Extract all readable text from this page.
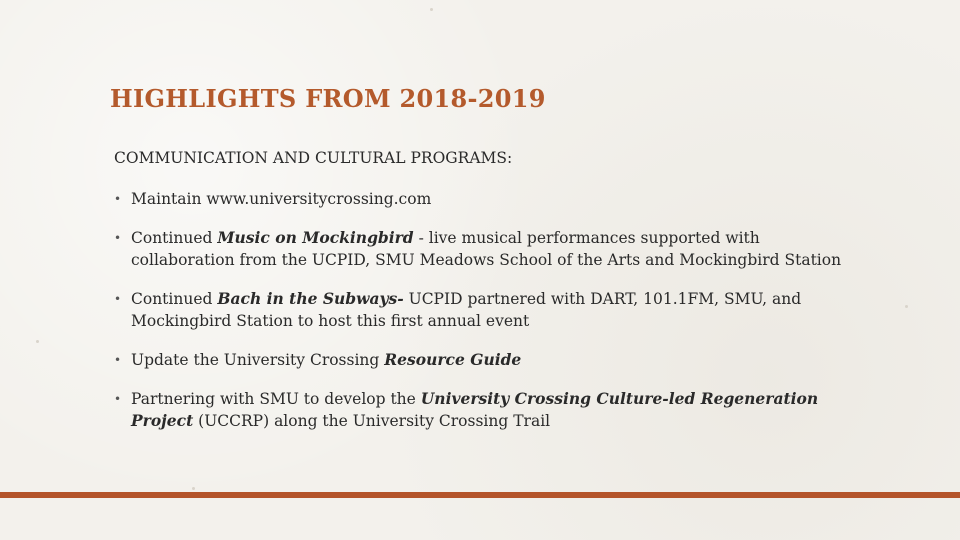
HIGHLIGHTS FROM 2018-2019

COMMUNICATION AND CULTURAL PROGRAMS:

• Maintain www.universitycrossing.com
• Continued Music on Mockingbird - live musical performances supported with collaboration from the UCPID, SMU Meadows School of the Arts and Mockingbird Station
• Continued Bach in the Subways- UCPID partnered with DART, 101.1FM, SMU, and Mockingbird Station to host this first annual event
• Update the University Crossing Resource Guide
• Partnering with SMU to develop the University Crossing Culture-led Regeneration Project (UCCRP) along the University Crossing Trail
